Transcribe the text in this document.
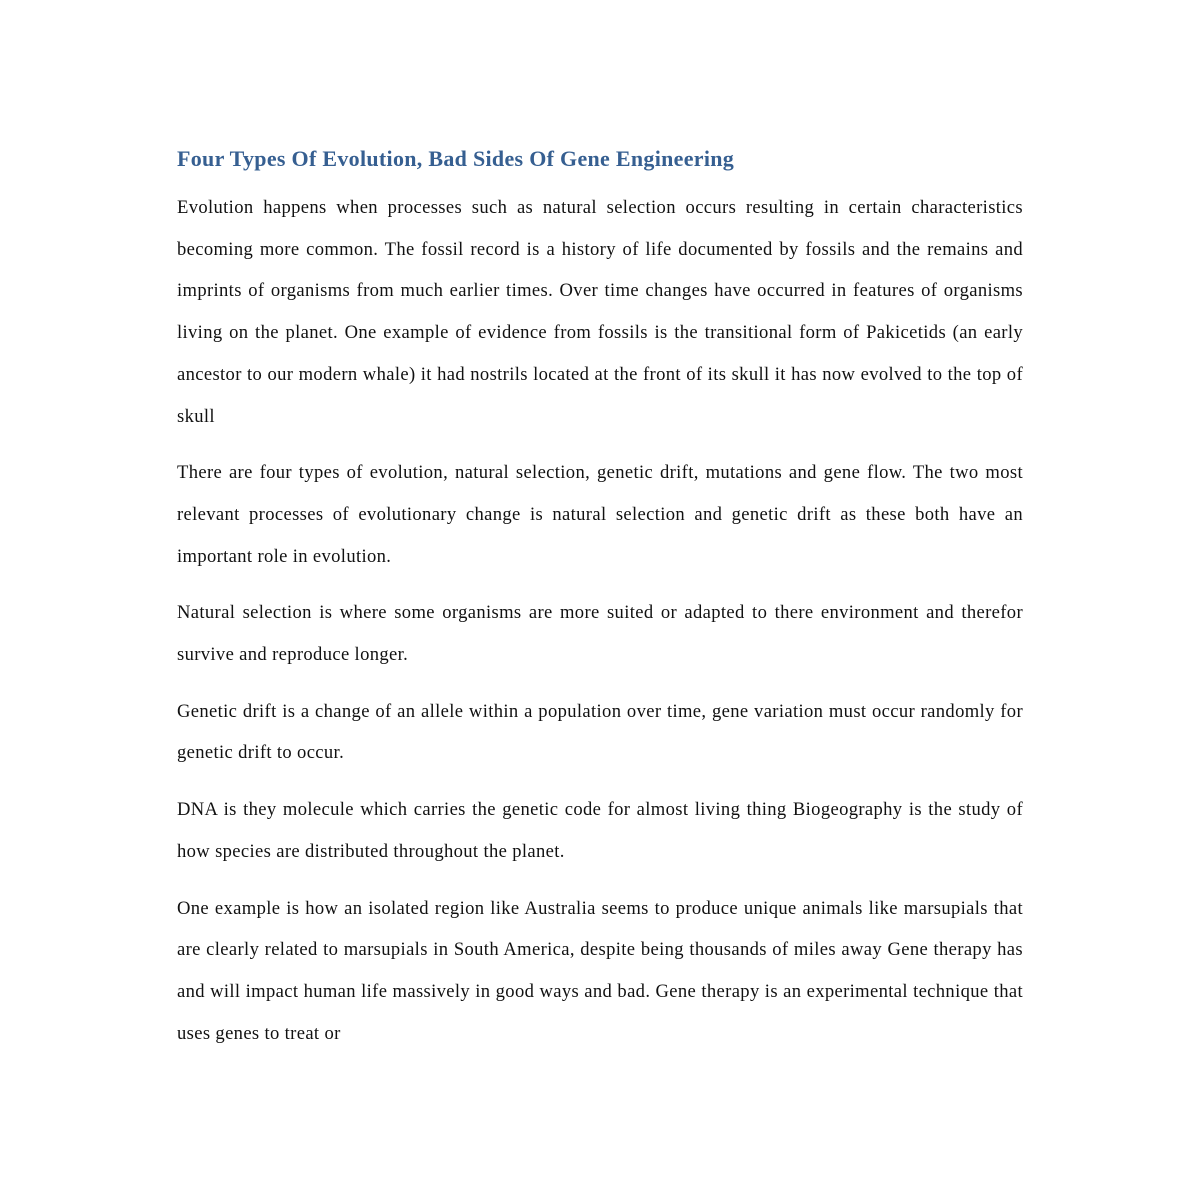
Four Types Of Evolution, Bad Sides Of Gene Engineering

Evolution happens when processes such as natural selection occurs resulting in certain characteristics becoming more common. The fossil record is a history of life documented by fossils and the remains and imprints of organisms from much earlier times. Over time changes have occurred in features of organisms living on the planet. One example of evidence from fossils is the transitional form of Pakicetids (an early ancestor to our modern whale) it had nostrils located at the front of its skull it has now evolved to the top of skull

There are four types of evolution, natural selection, genetic drift, mutations and gene flow. The two most relevant processes of evolutionary change is natural selection and genetic drift as these both have an important role in evolution.

Natural selection is where some organisms are more suited or adapted to there environment and therefor survive and reproduce longer.

Genetic drift is a change of an allele within a population over time, gene variation must occur randomly for genetic drift to occur.

DNA is they molecule which carries the genetic code for almost living thing Biogeography is the study of how species are distributed throughout the planet.

One example is how an isolated region like Australia seems to produce unique animals like marsupials that are clearly related to marsupials in South America, despite being thousands of miles away Gene therapy has and will impact human life massively in good ways and bad. Gene therapy is an experimental technique that uses genes to treat or
